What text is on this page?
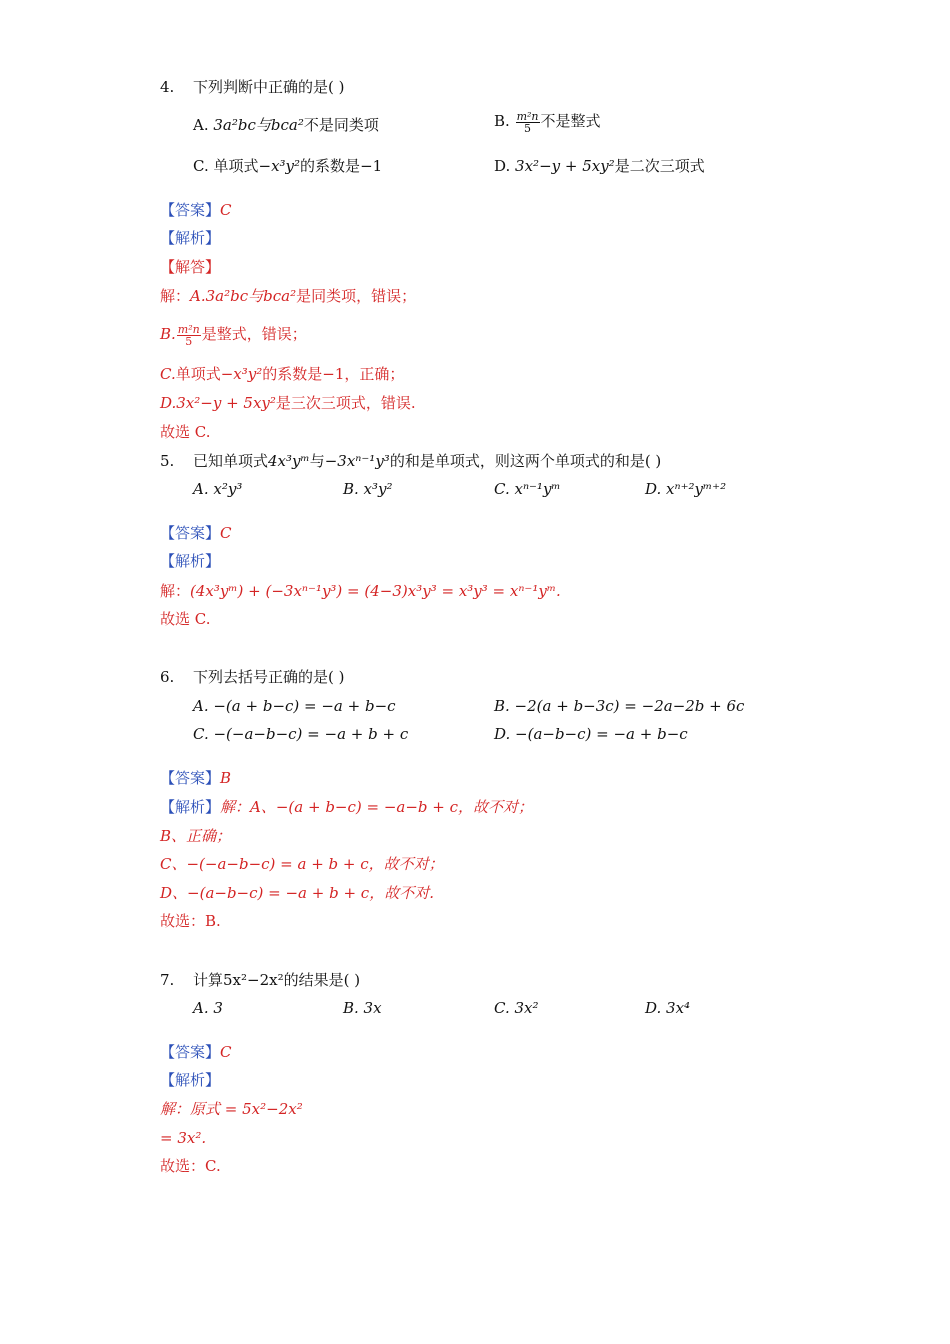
4. 下列判断中正确的是( )
A. 3a²bc与bca²不是同类项	B. $\frac{\text{m²n}}{5}$ 不是整式
C. 单项式−x³y²的系数是−1	D. 3x²−y + 5xy²是二次三项式
【答案】C
【解析】
【解答】
解：A.3a²bc与bca²是同类项，错误；
B. $\frac{\text{m²n}}{5}$ 是整式，错误；
C.单项式−x³y²的系数是−1，正确；
D.3x²−y + 5xy²是三次三项式，错误.
故选 C.
5. 已知单项式4x³yᵐ与−3xⁿ⁻¹y³的和是单项式，则这两个单项式的和是( )
A. x²y³	B. x³y²	C. xⁿ⁻¹yᵐ	D. xⁿ⁺²yᵐ⁺²
【答案】C
【解析】
解：(4x³yᵐ) + (−3xⁿ⁻¹y³) = (4−3)x³y³ = x³y³ = xⁿ⁻¹yᵐ.
故选 C.
6. 下列去括号正确的是( )
A. −(a + b−c) = −a + b−c	B. −2(a + b−3c) = −2a−2b + 6c
C. −(−a−b−c) = −a + b + c	D. −(a−b−c) = −a + b−c
【答案】B
【解析】解：A、−(a + b−c) = −a−b + c，故不对；
B、正确；
C、−(−a−b−c) = a + b + c，故不对；
D、−(a−b−c) = −a + b + c，故不对.
故选：B.
7. 计算5x²−2x²的结果是( )
A. 3	B. 3x	C. 3x²	D. 3x⁴
【答案】C
【解析】
解：原式 = 5x²−2x²
= 3x².
故选：C.
